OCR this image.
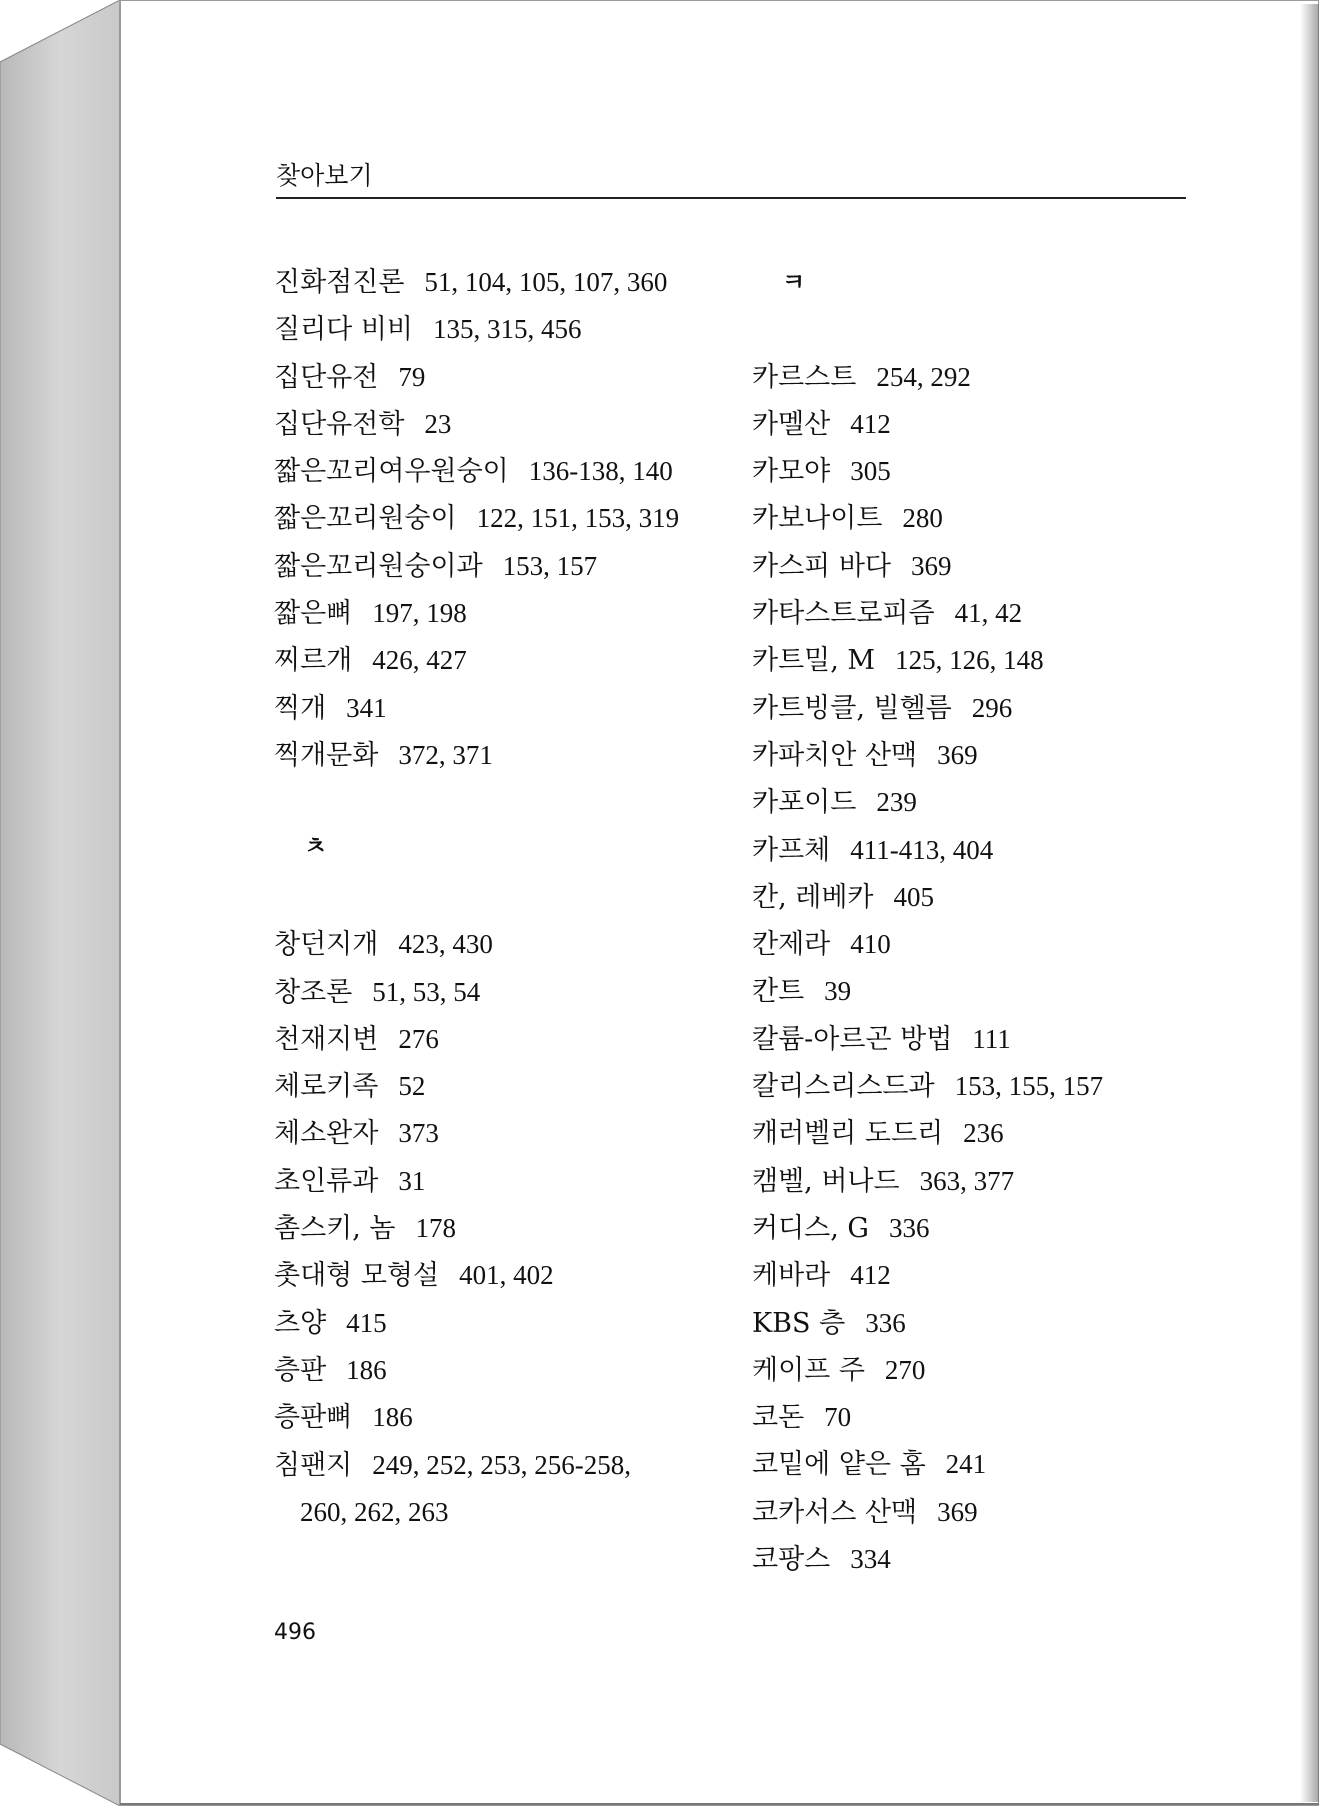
찾아보기
진화점진론 51, 104, 105, 107, 360
질리다 비비 135, 315, 456
집단유전 79
집단유전학 23
짧은꼬리여우원숭이 136-138, 140
짧은꼬리원숭이 122, 151, 153, 319
짧은꼬리원숭이과 153, 157
짧은뼈 197, 198
찌르개 426, 427
찍개 341
찍개문화 372, 371
ㅊ
창던지개 423, 430
창조론 51, 53, 54
천재지변 276
체로키족 52
체소완자 373
초인류과 31
촘스키, 놈 178
촛대형 모형설 401, 402
츠양 415
층판 186
층판뼈 186
침팬지 249, 252, 253, 256-258,
260, 262, 263
ㅋ
카르스트 254, 292
카멜산 412
카모야 305
카보나이트 280
카스피 바다 369
카타스트로피즘 41, 42
카트밀, M 125, 126, 148
카트빙클, 빌헬름 296
카파치안 산맥 369
카포이드 239
카프체 411-413, 404
칸, 레베카 405
칸제라 410
칸트 39
칼륨-아르곤 방법 111
칼리스리스드과 153, 155, 157
캐러벨리 도드리 236
캠벨, 버나드 363, 377
커디스, G 336
케바라 412
KBS 층 336
케이프 주 270
코돈 70
코밑에 얕은 홈 241
코카서스 산맥 369
코팡스 334
496
